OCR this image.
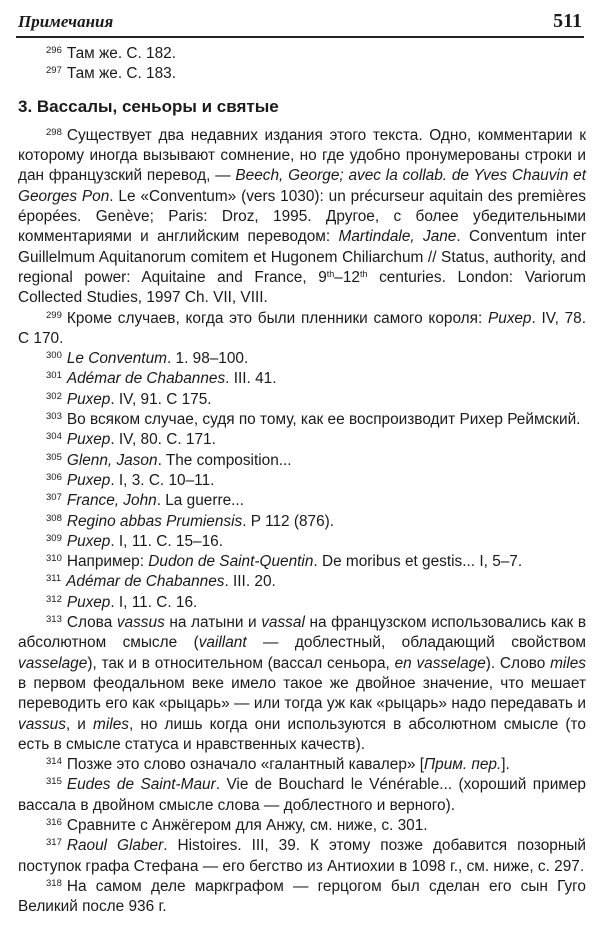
Примечания	511

$^{296}$ Там же. С. 182.

$^{297}$ Там же. С. 183.

3. Вассалы, сеньоры и святые

$^{298}$ Существует два недавних издания этого текста. Одно, комментарии к которому иногда вызывают сомнение, но где удобно пронумерованы строки и дан французский перевод, — Beech, George; avec la collab. de Yves Chauvin et Georges Pon. Le «Conventum» (vers 1030): un précurseur aquitain des premières épopées. Genève; Paris: Droz, 1995. Другое, с более убедительными комментариями и английским переводом: Martindale, Jane. Conventum inter Guillelmum Aquitanorum comitem et Hugonem Chiliarchum // Status, authority, and regional power: Aquitaine and France, 9th–12th centuries. London: Variorum Collected Studies, 1997 Ch. VII, VIII.

$^{299}$ Кроме случаев, когда это были пленники самого короля: Рихер. IV, 78. С 170.

$^{300}$ Le Conventum. 1. 98–100.

$^{301}$ Adémar de Chabannes. III. 41.

$^{302}$ Рихер. IV, 91. С 175.

$^{303}$ Во всяком случае, судя по тому, как ее воспроизводит Рихер Реймский.

$^{304}$ Рихер. IV, 80. С. 171.

$^{305}$ Glenn, Jason. The composition...

$^{306}$ Рихер. I, 3. С. 10–11.

$^{307}$ France, John. La guerre...

$^{308}$ Regino abbas Prumiensis. P 112 (876).

$^{309}$ Рихер. I, 11. С. 15–16.

$^{310}$ Например: Dudon de Saint-Quentin. De moribus et gestis... I, 5–7.

$^{311}$ Adémar de Chabannes. III. 20.

$^{312}$ Рихер. I, 11. С. 16.

$^{313}$ Слова vassus на латыни и vassal на французском использовались как в абсолютном смысле (vaillant — доблестный, обладающий свойством vasselage), так и в относительном (вассал сеньора, en vasselage). Слово miles в первом феодальном веке имело такое же двойное значение, что мешает переводить его как «рыцарь» — или тогда уж как «рыцарь» надо передавать и vassus, и miles, но лишь когда они используются в абсолютном смысле (то есть в смысле статуса и нравственных качеств).

$^{314}$ Позже это слово означало «галантный кавалер» [Прим. пер.].

$^{315}$ Eudes de Saint-Maur. Vie de Bouchard le Vénérable... (хороший пример вассала в двойном смысле слова — доблестного и верного).

$^{316}$ Сравните с Анжёгером для Анжу, см. ниже, с. 301.

$^{317}$ Raoul Glaber. Histoires. III, 39. К этому позже добавится позорный поступок графа Стефана — его бегство из Антиохии в 1098 г., см. ниже, с. 297.

$^{318}$ На самом деле маркграфом — герцогом был сделан его сын Гуго Великий после 936 г.
